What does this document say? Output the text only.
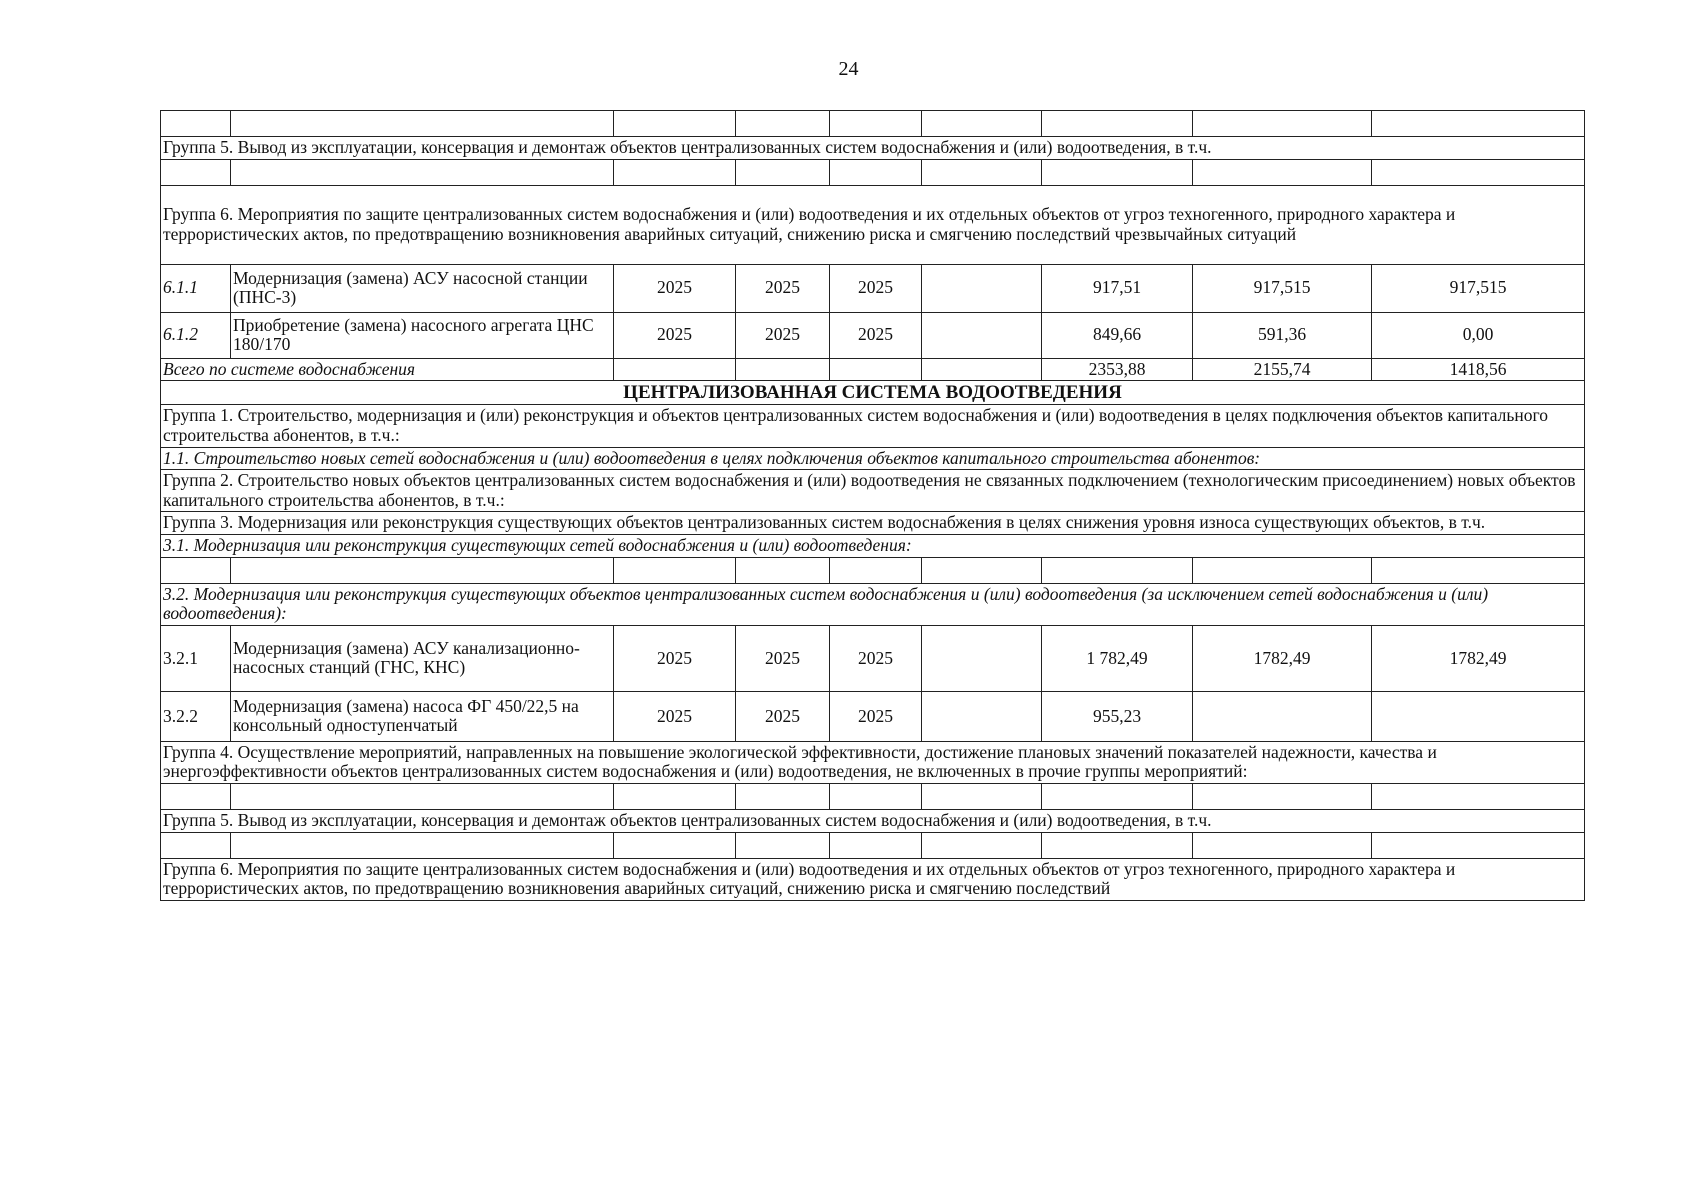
24

Группа 5. Вывод из эксплуатации, консервация и демонтаж объектов централизованных систем водоснабжения и (или) водоотведения, в т.ч.								

Группа 6. Мероприятия по защите централизованных систем водоснабжения и (или) водоотведения и их отдельных объектов от угроз техногенного, природного характера и террористических актов, по предотвращению возникновения аварийных ситуаций, снижению риска и смягчению последствий чрезвычайных ситуаций								
6.1.1	Модернизация (замена) АСУ насосной станции (ПНС-3)	2025	2025	2025		917,51	917,515	917,515
6.1.2	Приобретение (замена) насосного агрегата ЦНС 180/170	2025	2025	2025		849,66	591,36	0,00
Всего по системе водоснабжения						2353,88	2155,74	1418,56
ЦЕНТРАЛИЗОВАННАЯ СИСТЕМА ВОДООТВЕДЕНИЯ								
Группа 1. Строительство, модернизация и (или) реконструкция и объектов централизованных систем водоснабжения и (или) водоотведения в целях подключения объектов капитального строительства абонентов, в т.ч.:								
1.1. Строительство новых сетей водоснабжения и (или) водоотведения в целях подключения объектов капитального строительства абонентов:								
Группа 2. Строительство новых объектов централизованных систем водоснабжения и (или) водоотведения не связанных подключением (технологическим присоединением) новых объектов капитального строительства абонентов, в т.ч.:								
Группа 3. Модернизация или реконструкция существующих объектов централизованных систем водоснабжения в целях снижения уровня износа существующих объектов, в т.ч.								
3.1. Модернизация или реконструкция существующих сетей водоснабжения и (или) водоотведения:								

3.2. Модернизация или реконструкция существующих объектов централизованных систем водоснабжения и (или) водоотведения (за исключением сетей водоснабжения и (или) водоотведения):								
3.2.1	Модернизация (замена) АСУ канализационно-насосных станций (ГНС, КНС)	2025	2025	2025		1 782,49	1782,49	1782,49
3.2.2	Модернизация (замена) насоса ФГ 450/22,5 на консольный одноступенчатый	2025	2025	2025		955,23		
Группа 4. Осуществление мероприятий, направленных на повышение экологической эффективности, достижение плановых значений показателей надежности, качества и энергоэффективности объектов централизованных систем водоснабжения и (или) водоотведения, не включенных в прочие группы мероприятий:								

Группа 5. Вывод из эксплуатации, консервация и демонтаж объектов централизованных систем водоснабжения и (или) водоотведения, в т.ч.								

Группа 6. Мероприятия по защите централизованных систем водоснабжения и (или) водоотведения и их отдельных объектов от угроз техногенного, природного характера и террористических актов, по предотвращению возникновения аварийных ситуаций, снижению риска и смягчению последствий								
